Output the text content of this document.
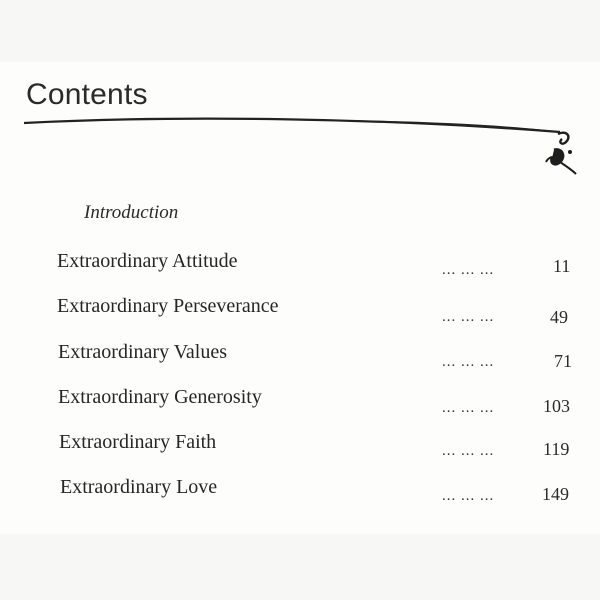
Contents
Introduction
Extraordinary Attitude	... ... ...	11
Extraordinary Perseverance	... ... ...	49
Extraordinary Values	... ... ...	71
Extraordinary Generosity	... ... ...	103
Extraordinary Faith	... ... ...	119
Extraordinary Love	... ... ...	149
